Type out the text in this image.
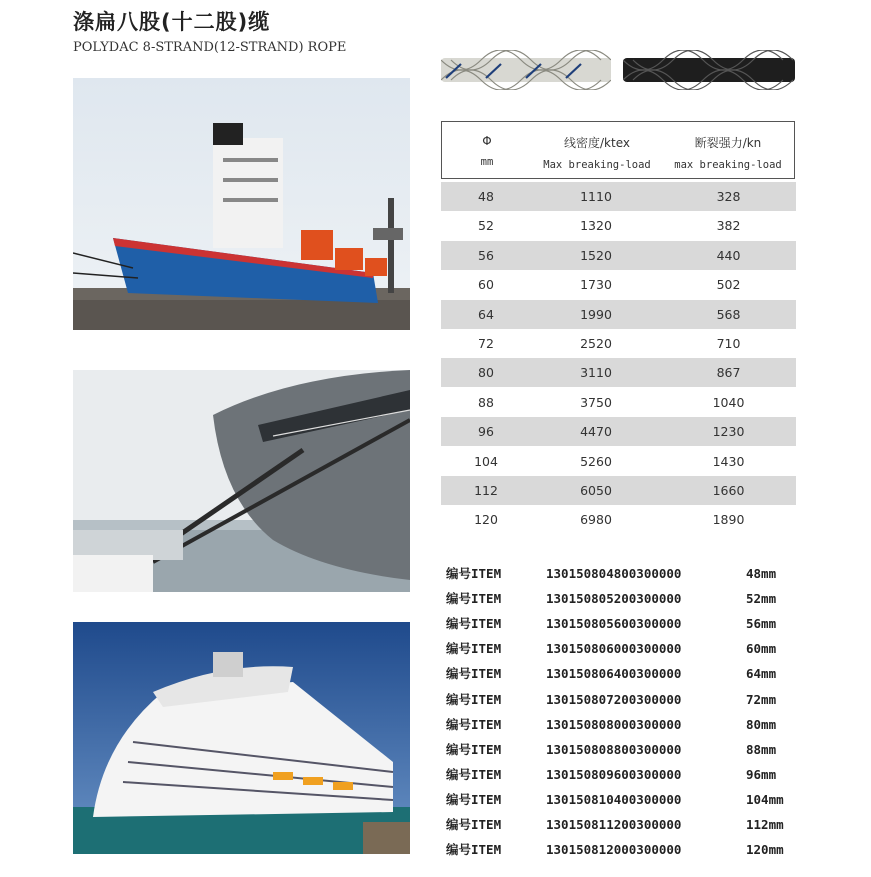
涤扁八股(十二股)缆
POLYDAC 8-STRAND(12-STRAND) ROPE
Φ
mm
线密度/ktex
Max breaking-load
断裂强力/kn
max breaking-load
48	1110	328
52	1320	382
56	1520	440
60	1730	502
64	1990	568
72	2520	710
80	3110	867
88	3750	1040
96	4470	1230
104	5260	1430
112	6050	1660
120	6980	1890
编号ITEM	130150804800300000	48mm
编号ITEM	130150805200300000	52mm
编号ITEM	130150805600300000	56mm
编号ITEM	130150806000300000	60mm
编号ITEM	130150806400300000	64mm
编号ITEM	130150807200300000	72mm
编号ITEM	130150808000300000	80mm
编号ITEM	130150808800300000	88mm
编号ITEM	130150809600300000	96mm
编号ITEM	130150810400300000	104mm
编号ITEM	130150811200300000	112mm
编号ITEM	130150812000300000	120mm
